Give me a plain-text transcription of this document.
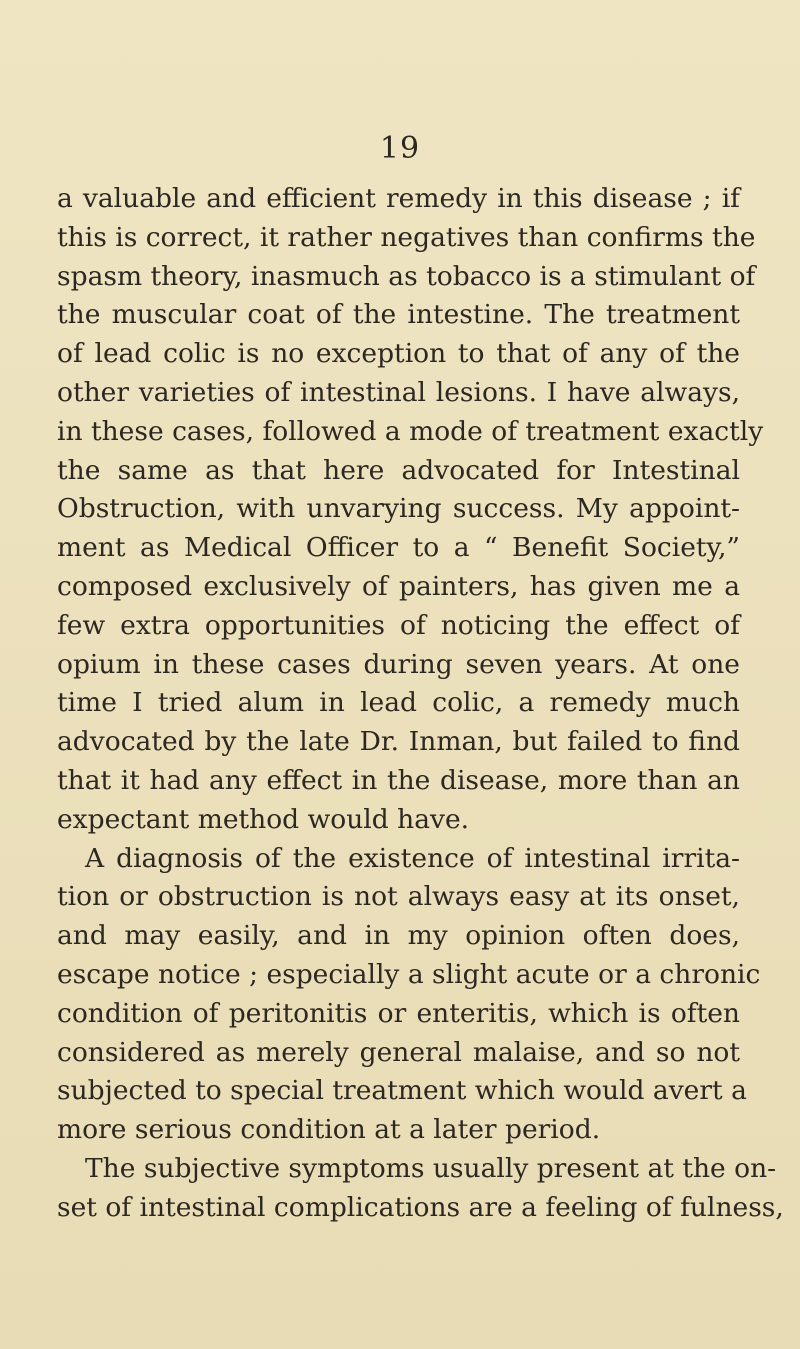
19
a valuable and efficient remedy in this disease ; if
this is correct, it rather negatives than confirms the
spasm theory, inasmuch as tobacco is a stimulant of
the muscular coat of the intestine. The treatment
of lead colic is no exception to that of any of the
other varieties of intestinal lesions. I have always,
in these cases, followed a mode of treatment exactly
the same as that here advocated for Intestinal
Obstruction, with unvarying success. My appoint-
ment as Medical Officer to a “ Benefit Society,”
composed exclusively of painters, has given me a
few extra opportunities of noticing the effect of
opium in these cases during seven years. At one
time I tried alum in lead colic, a remedy much
advocated by the late Dr. Inman, but failed to find
that it had any effect in the disease, more than an
expectant method would have.
A diagnosis of the existence of intestinal irrita-
tion or obstruction is not always easy at its onset,
and may easily, and in my opinion often does,
escape notice ; especially a slight acute or a chronic
condition of peritonitis or enteritis, which is often
considered as merely general malaise, and so not
subjected to special treatment which would avert a
more serious condition at a later period.
The subjective symptoms usually present at the on-
set of intestinal complications are a feeling of fulness,
